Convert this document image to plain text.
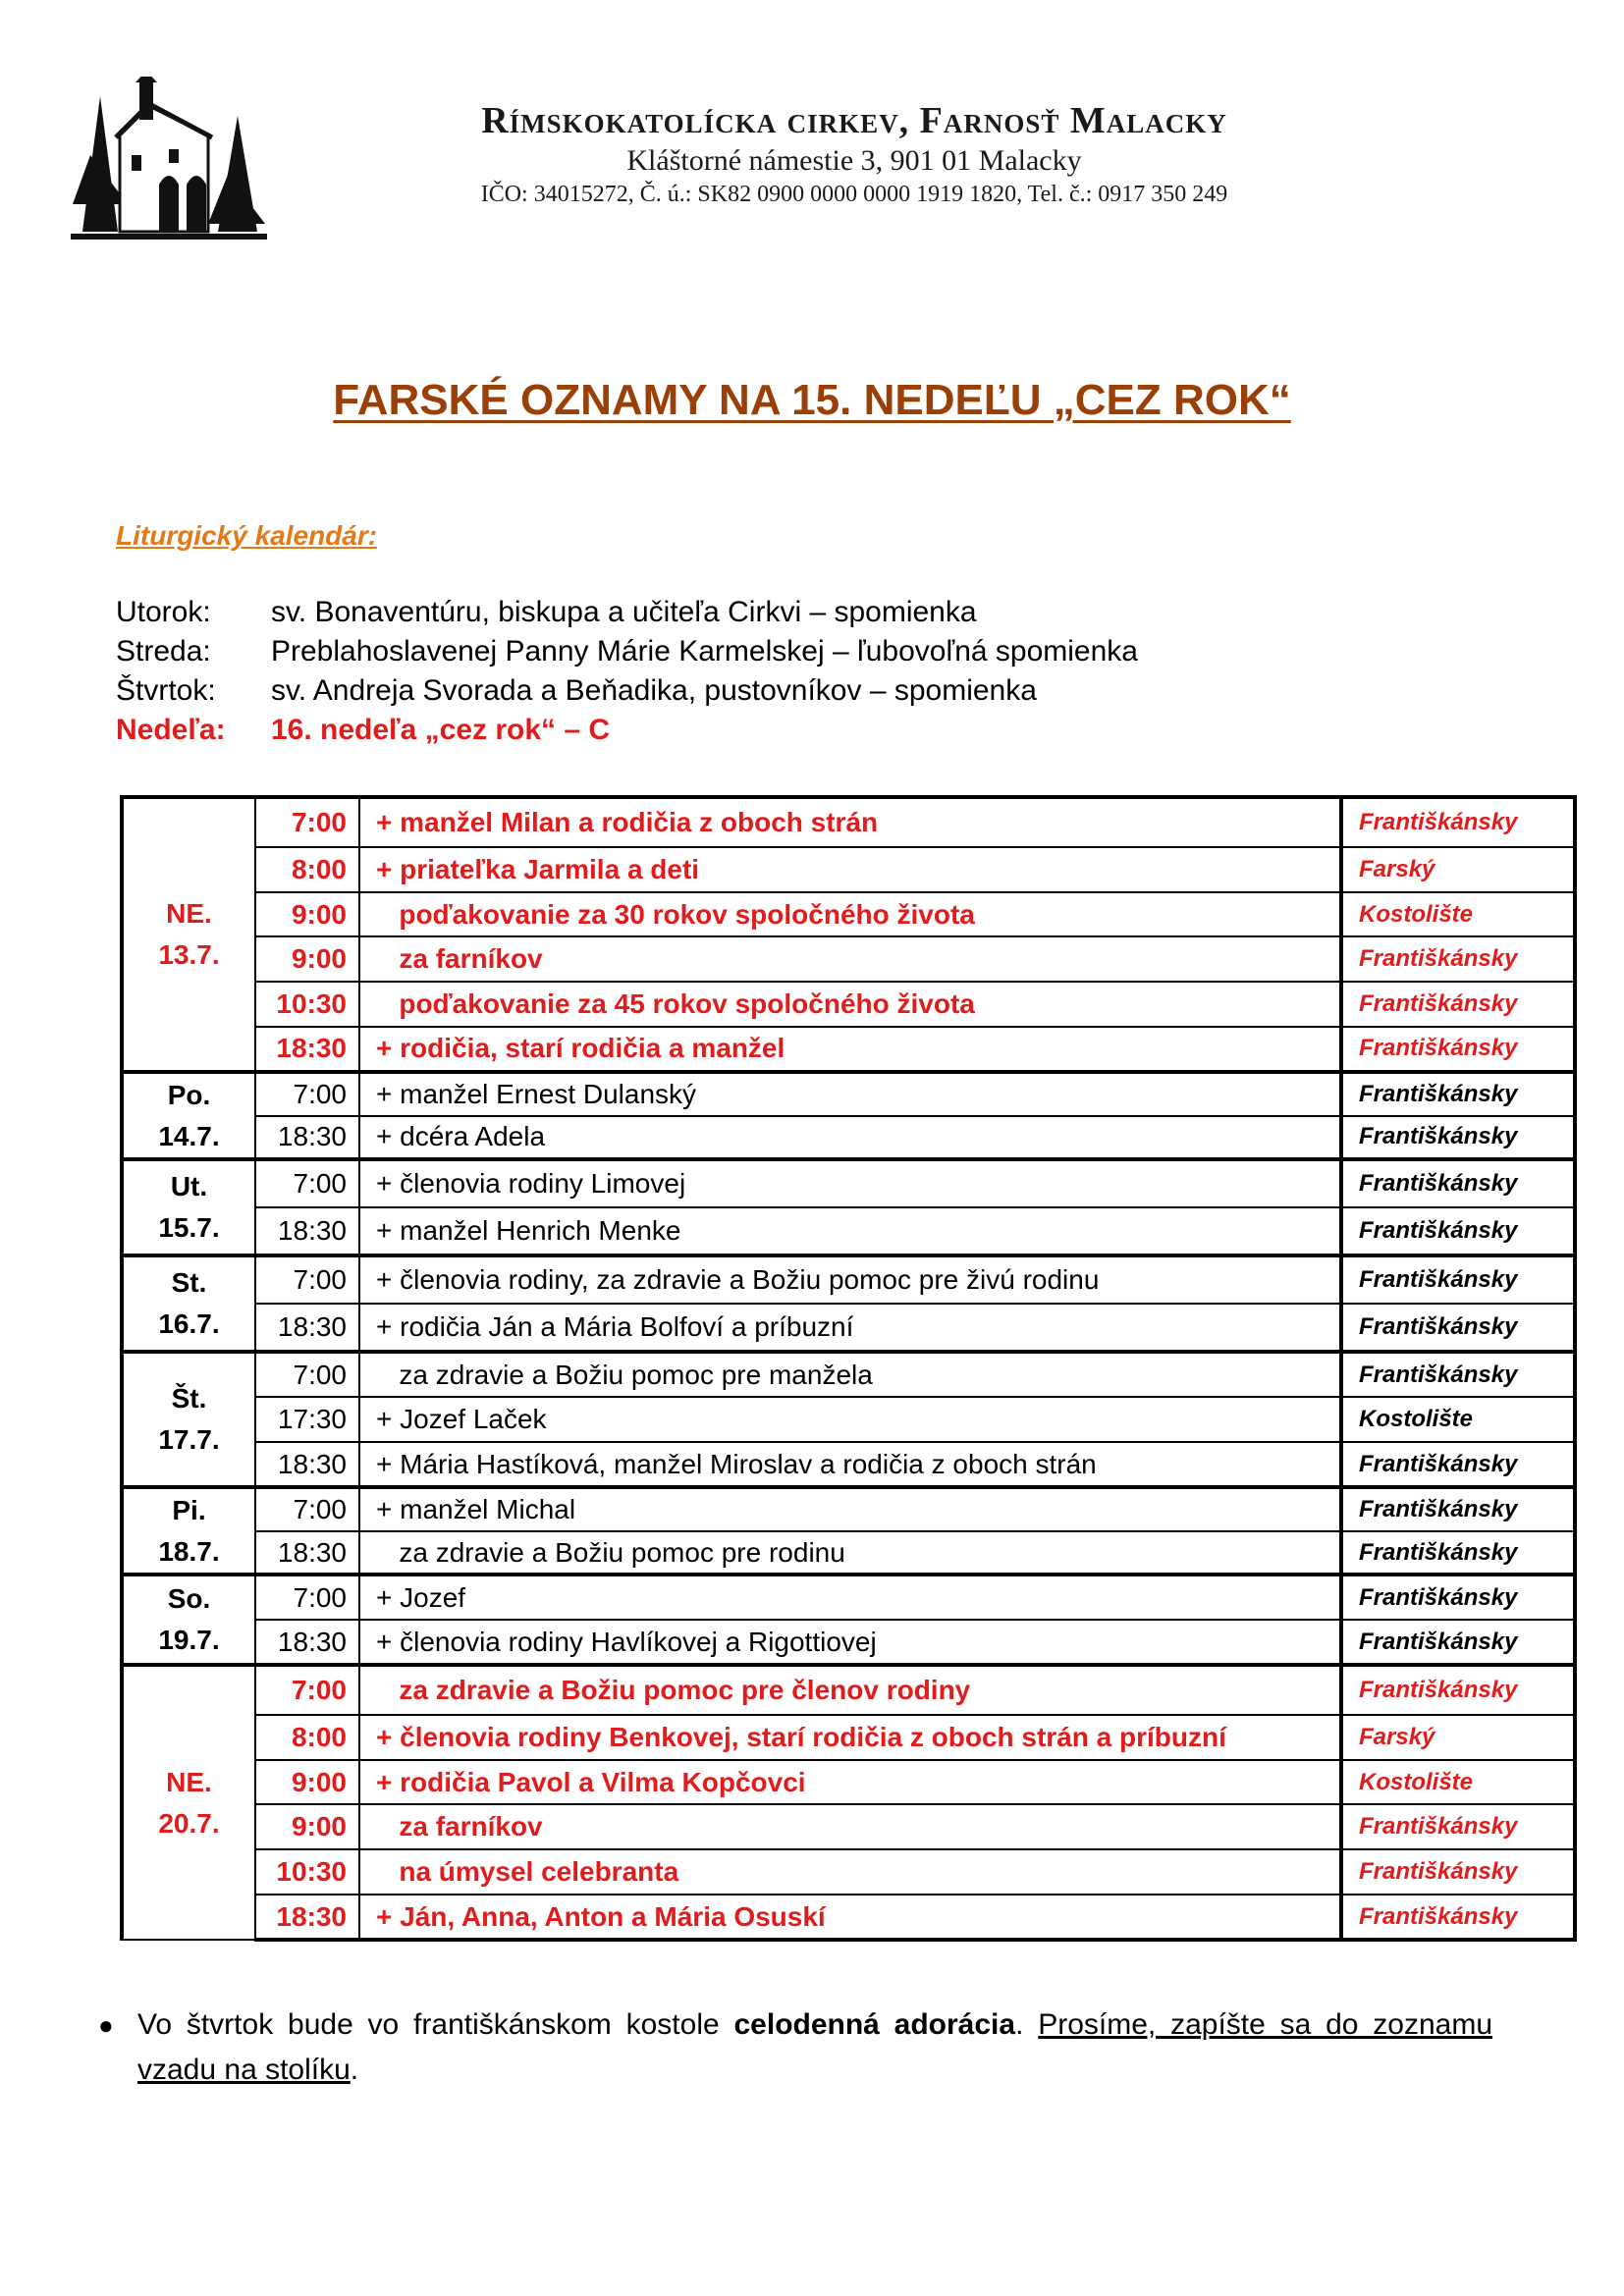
Rímskokatolícka cirkev, Farnosť Malacky
Kláštorné námestie 3, 901 01 Malacky
IČO: 34015272, Č. ú.: SK82 0900 0000 0000 1919 1820, Tel. č.: 0917 350 249
FARSKÉ OZNAMY NA 15. NEDEĽU „CEZ ROK“
Liturgický kalendár:
Utorok:	sv. Bonaventúru, biskupa a učiteľa Cirkvi – spomienka
Streda:	Preblahoslavenej Panny Márie Karmelskej – ľubovoľná spomienka
Štvrtok:	sv. Andreja Svorada a Beňadika, pustovníkov – spomienka
Nedeľa:	16. nedeľa „cez rok“ – C
NE.
13.7.	7:00	+ manžel Milan a rodičia z oboch strán	Františkánsky
	8:00	+ priateľka Jarmila a deti	Farský
	9:00	poďakovanie za 30 rokov spoločného života	Kostolište
	9:00	za farníkov	Františkánsky
	10:30	poďakovanie za 45 rokov spoločného života	Františkánsky
	18:30	+ rodičia, starí rodičia a manžel	Františkánsky
Po.
14.7.	7:00	+ manžel Ernest Dulanský	Františkánsky
	18:30	+ dcéra Adela	Františkánsky
Ut.
15.7.	7:00	+ členovia rodiny Limovej	Františkánsky
	18:30	+ manžel Henrich Menke	Františkánsky
St.
16.7.	7:00	+ členovia rodiny, za zdravie a Božiu pomoc pre živú rodinu	Františkánsky
	18:30	+ rodičia Ján a Mária Bolfoví a príbuzní	Františkánsky
Št.
17.7.	7:00	za zdravie a Božiu pomoc pre manžela	Františkánsky
	17:30	+ Jozef Laček	Kostolište
	18:30	+ Mária Hastíková, manžel Miroslav a rodičia z oboch strán	Františkánsky
Pi.
18.7.	7:00	+ manžel Michal	Františkánsky
	18:30	za zdravie a Božiu pomoc pre rodinu	Františkánsky
So.
19.7.	7:00	+ Jozef	Františkánsky
	18:30	+ členovia rodiny Havlíkovej a Rigottiovej	Františkánsky
NE.
20.7.	7:00	za zdravie a Božiu pomoc pre členov rodiny	Františkánsky
	8:00	+ členovia rodiny Benkovej, starí rodičia z oboch strán a príbuzní	Farský
	9:00	+ rodičia Pavol a Vilma Kopčovci	Kostolište
	9:00	za farníkov	Františkánsky
	10:30	na úmysel celebranta	Františkánsky
	18:30	+ Ján, Anna, Anton a Mária Osuskí	Františkánsky
● Vo štvrtok bude vo františkánskom kostole celodenná adorácia. Prosíme, zapíšte sa do zoznamu vzadu na stolíku.
